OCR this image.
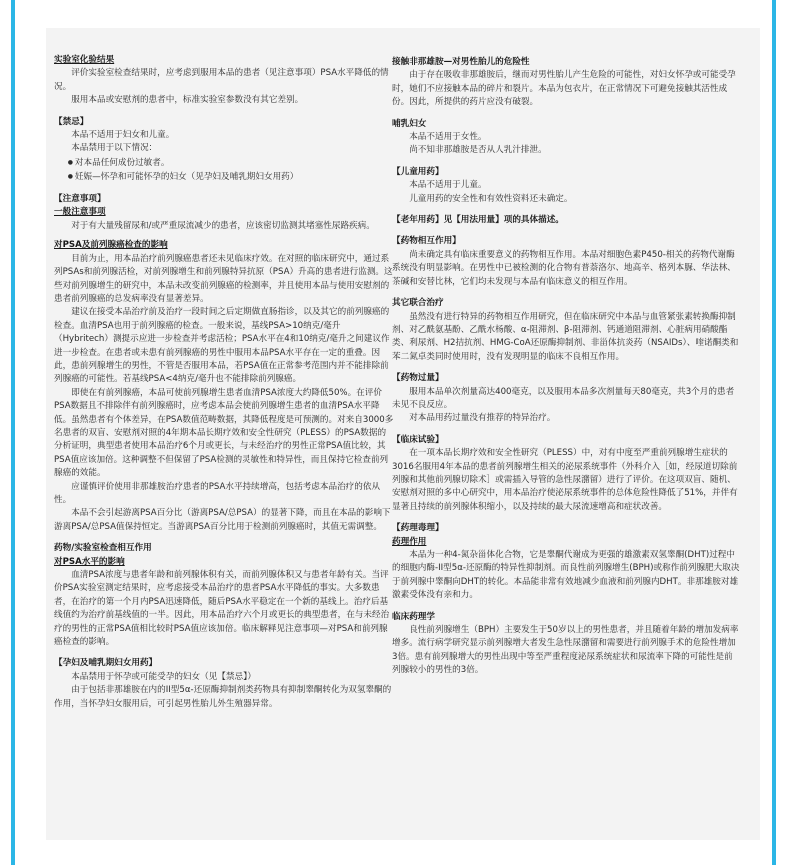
实验室化验结果

评价实验室检查结果时，应考虑到服用本品的患者（见注意事项）PSA水平降低的情况。

服用本品或安慰剂的患者中，标准实验室参数没有其它差别。

【禁忌】

本品不适用于妇女和儿童。

本品禁用于以下情况：

● 对本品任何成份过敏者。
● 妊娠—怀孕和可能怀孕的妇女（见孕妇及哺乳期妇女用药）

【注意事项】

一般注意事项

对于有大量残留尿和/或严重尿流减少的患者，应该密切监测其堵塞性尿路疾病。

对PSA及前列腺癌检查的影响

目前为止，用本品治疗前列腺癌患者还未见临床疗效。在对照的临床研究中，通过系列PSAs和前列腺活检，对前列腺增生和前列腺特异抗原（PSA）升高的患者进行监测。这些对前列腺增生的研究中，本品未改变前列腺癌的检测率，并且使用本品与使用安慰剂的患者前列腺癌的总发病率没有显著差异。

建议在接受本品治疗前及治疗一段时间之后定期做直肠指诊，以及其它的前列腺癌的检查。血清PSA也用于前列腺癌的检查。一般来说，基线PSA>10纳克/毫升（Hybritech）测提示应进一步检查并考虑活检；PSA水平在4和10纳克/毫升之间建议作进一步检查。在患者或未患有前列腺癌的男性中服用本品PSA水平存在一定的重叠。因此，患前列腺增生的男性，不管是否服用本品，若PSA值在正常参考范围内并不能排除前列腺癌的可能性。若基线PSA<4纳克/毫升也不能排除前列腺癌。

即使在有前列腺癌，本品可使前列腺增生患者血清PSA浓度大约降低50%。在评价PSA数据且不排除伴有前列腺癌时，应考虑本品会使前列腺增生患者的血清PSA水平降低。虽然患者有个体差异，在PSA数值范畴数据，其降低程度是可预测的。对来自3000多名患者的双盲、安慰剂对照的4年期本品长期疗效和安全性研究（PLESS）的PSA数据的分析证明，典型患者使用本品治疗6个月或更长，与未经治疗的男性正常PSA值比较，其PSA值应该加倍。这种调整不但保留了PSA检测的灵敏性和特异性，而且保持它检查前列腺癌的效能。

应谨慎评价使用非那雄胺治疗患者的PSA水平持续增高，包括考虑本品治疗的依从性。

本品不会引起游离PSA百分比（游离PSA/总PSA）的显著下降，而且在本品的影响下游离PSA/总PSA值保持恒定。当游离PSA百分比用于检测前列腺癌时，其值无需调整。

药物/实验室检查相互作用

对PSA水平的影响

血清PSA浓度与患者年龄和前列腺体积有关，而前列腺体积又与患者年龄有关。当评价PSA实验室测定结果时，应考虑接受本品治疗的患者PSA水平降低的事实。大多数患者，在治疗的第一个月内PSA迅速降低，随后PSA水平稳定在一个新的基线上。治疗后基线值约为治疗前基线值的一半。因此，用本品治疗六个月或更长的典型患者，在与未经治疗的男性的正常PSA值相比较时PSA值应该加倍。临床解释见注意事项—对PSA和前列腺癌检查的影响。

【孕妇及哺乳期妇女用药】

本品禁用于怀孕或可能受孕的妇女（见【禁忌】）

由于包括非那雄胺在内的II型5α-还原酶抑制剂类药物具有抑制睾酮转化为双氢睾酮的作用，当怀孕妇女服用后，可引起男性胎儿外生殖器异常。

接触非那雄胺—对男性胎儿的危险性

由于存在吸收非那雄胺后，继而对男性胎儿产生危险的可能性，对妇女怀孕或可能受孕时，她们不应接触本品的碎片和裂片。本品为包衣片，在正常情况下可避免接触其活性成份。因此，所提供的药片应没有破裂。

哺乳妇女

本品不适用于女性。

尚不知非那雄胺是否从人乳汁排泄。

【儿童用药】

本品不适用于儿童。

儿童用药的安全性和有效性资料还未确定。

【老年用药】见【用法用量】项的具体描述。

【药物相互作用】

尚未确定具有临床重要意义的药物相互作用。本品对细胞色素P450-相关的药物代谢酶系统没有明显影响。在男性中已被检测的化合物有普萘洛尔、地高辛、格列本脲、华法林、茶碱和安替比林，它们均未发现与本品有临床意义的相互作用。

其它联合治疗

虽然没有进行特异的药物相互作用研究，但在临床研究中本品与血管紧张素转换酶抑制剂、对乙酰氨基酚、乙酰水杨酸、α-阻滞剂、β-阻滞剂、钙通道阻滞剂、心脏病用硝酸酯类、利尿剂、H2拮抗剂、HMG-CoA还原酶抑制剂、非甾体抗炎药（NSAIDs）、喹诺酮类和苯二氮卓类同时使用时，没有发现明显的临床不良相互作用。

【药物过量】

服用本品单次剂量高达400毫克，以及服用本品多次剂量每天80毫克，共3个月的患者未见不良反应。

对本品用药过量没有推荐的特异治疗。

【临床试验】

在一项本品长期疗效和安全性研究（PLESS）中，对有中度至严重前列腺增生症状的3016名服用4年本品的患者前列腺增生相关的泌尿系统事件（外科介入［如，经尿道切除前列腺和其他前列腺切除术］或需插入导管的急性尿潴留）进行了评价。在这项双盲、随机、安慰剂对照的多中心研究中，用本品治疗使泌尿系统事件的总体危险性降低了51%，并伴有显著且持续的前列腺体积缩小，以及持续的最大尿流速增高和症状改善。

【药理毒理】

药理作用

本品为一种4-氮杂甾体化合物，它是睾酮代谢成为更强的雄激素双氢睾酮(DHT)过程中的细胞内酶-II型5α-还原酶的特异性抑制剂。而良性前列腺增生(BPH)或称作前列腺肥大取决于前列腺中睾酮向DHT的转化。本品能非常有效地减少血液和前列腺内DHT。非那雄胺对雄激素受体没有亲和力。

临床药理学

良性前列腺增生（BPH）主要发生于50岁以上的男性患者，并且随着年龄的增加发病率增多。流行病学研究显示前列腺增大者发生急性尿潴留和需要进行前列腺手术的危险性增加3倍。患有前列腺增大的男性出现中等至严重程度泌尿系统症状和尿流率下降的可能性是前列腺较小的男性的3倍。
